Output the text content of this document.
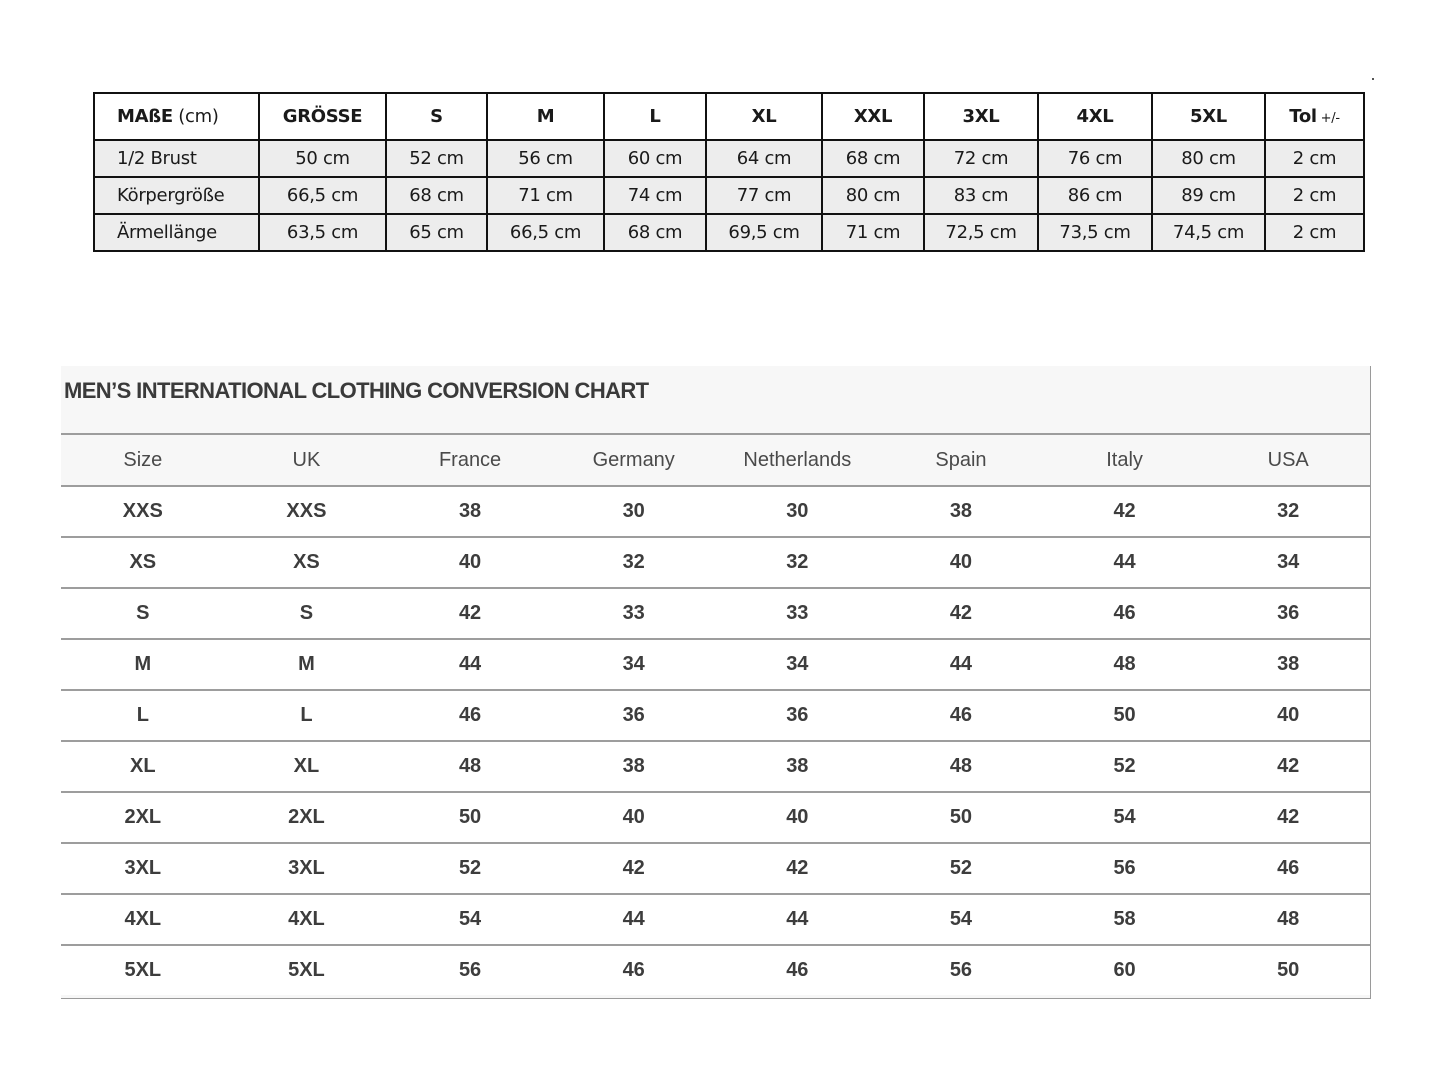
MAßE (cm)	GRÖSSE	S	M	L	XL	XXL	3XL	4XL	5XL	Tol +/-
1/2 Brust	50 cm	52 cm	56 cm	60 cm	64 cm	68 cm	72 cm	76 cm	80 cm	2 cm
Körpergröße	66,5 cm	68 cm	71 cm	74 cm	77 cm	80 cm	83 cm	86 cm	89 cm	2 cm
Ärmellänge	63,5 cm	65 cm	66,5 cm	68 cm	69,5 cm	71 cm	72,5 cm	73,5 cm	74,5 cm	2 cm
MEN’S INTERNATIONAL CLOTHING CONVERSION CHART
Size	UK	France	Germany	Netherlands	Spain	Italy	USA
XXS	XXS	38	30	30	38	42	32
XS	XS	40	32	32	40	44	34
S	S	42	33	33	42	46	36
M	M	44	34	34	44	48	38
L	L	46	36	36	46	50	40
XL	XL	48	38	38	48	52	42
2XL	2XL	50	40	40	50	54	42
3XL	3XL	52	42	42	52	56	46
4XL	4XL	54	44	44	54	58	48
5XL	5XL	56	46	46	56	60	50
